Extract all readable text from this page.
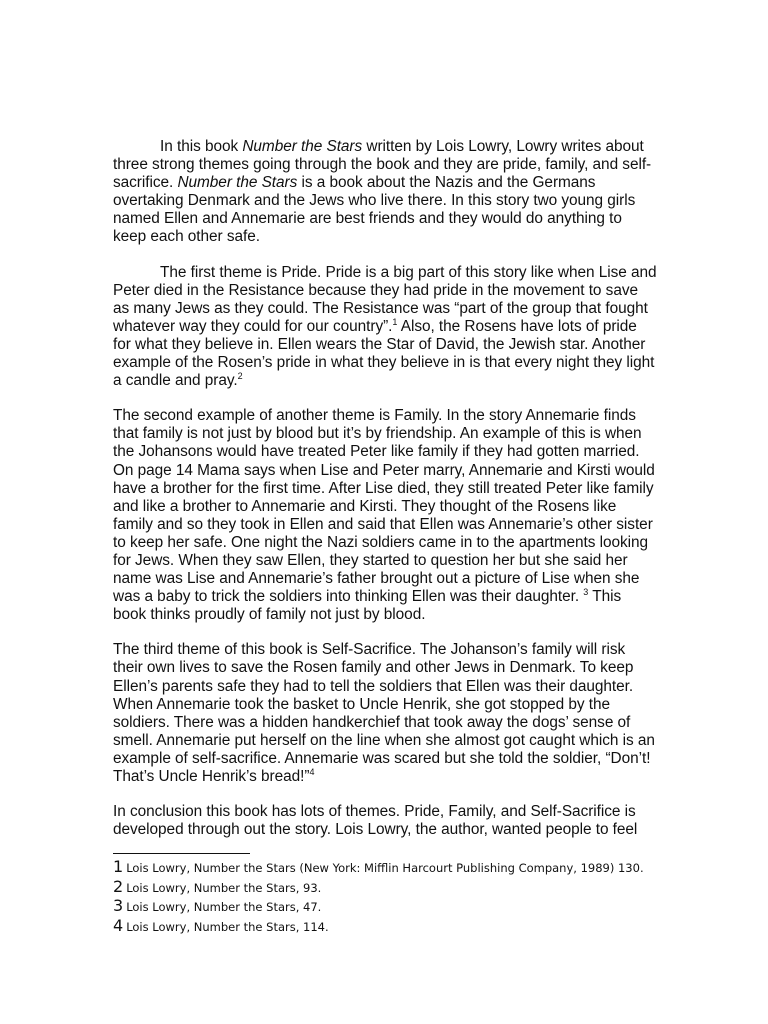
In this book Number the Stars written by Lois Lowry, Lowry writes about three strong themes going through the book and they are pride, family, and self-sacrifice. Number the Stars is a book about the Nazis and the Germans overtaking Denmark and the Jews who live there. In this story two young girls named Ellen and Annemarie are best friends and they would do anything to keep each other safe.

The first theme is Pride. Pride is a big part of this story like when Lise and Peter died in the Resistance because they had pride in the movement to save as many Jews as they could. The Resistance was “part of the group that fought whatever way they could for our country”.$^1$ Also, the Rosens have lots of pride for what they believe in. Ellen wears the Star of David, the Jewish star. Another example of the Rosen’s pride in what they believe in is that every night they light a candle and pray.$^2$

The second example of another theme is Family. In the story Annemarie finds that family is not just by blood but it’s by friendship. An example of this is when the Johansons would have treated Peter like family if they had gotten married. On page 14 Mama says when Lise and Peter marry, Annemarie and Kirsti would have a brother for the first time. After Lise died, they still treated Peter like family and like a brother to Annemarie and Kirsti. They thought of the Rosens like family and so they took in Ellen and said that Ellen was Annemarie’s other sister to keep her safe. One night the Nazi soldiers came in to the apartments looking for Jews. When they saw Ellen, they started to question her but she said her name was Lise and Annemarie’s father brought out a picture of Lise when she was a baby to trick the soldiers into thinking Ellen was their daughter. $^3$ This book thinks proudly of family not just by blood.

The third theme of this book is Self-Sacrifice. The Johanson’s family will risk their own lives to save the Rosen family and other Jews in Denmark. To keep Ellen’s parents safe they had to tell the soldiers that Ellen was their daughter. When Annemarie took the basket to Uncle Henrik, she got stopped by the soldiers. There was a hidden handkerchief that took away the dogs’ sense of smell. Annemarie put herself on the line when she almost got caught which is an example of self-sacrifice. Annemarie was scared but she told the soldier, “Don’t! That’s Uncle Henrik’s bread!”$^4$

In conclusion this book has lots of themes. Pride, Family, and Self-Sacrifice is developed through out the story. Lois Lowry, the author, wanted people to feel

1 Lois Lowry, Number the Stars (New York: Mifflin Harcourt Publishing Company, 1989) 130.
2 Lois Lowry, Number the Stars, 93.
3 Lois Lowry, Number the Stars, 47.
4 Lois Lowry, Number the Stars, 114.
